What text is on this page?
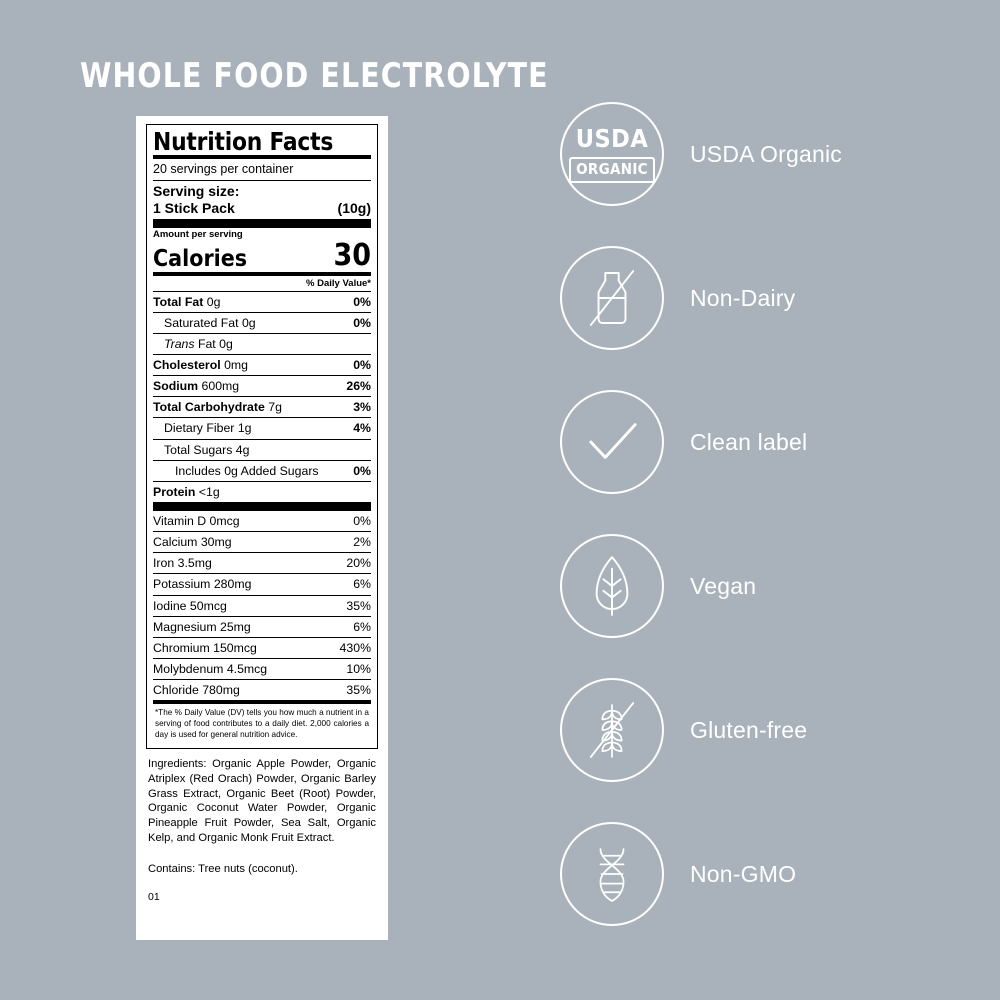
WHOLE FOOD ELECTROLYTE
Nutrition Facts
20 servings per container
Serving size:
1 Stick Pack	(10g)
Amount per serving
Calories	30
% Daily Value*
Total Fat 0g	0%
Saturated Fat 0g	0%
Trans Fat 0g
Cholesterol 0mg	0%
Sodium 600mg	26%
Total Carbohydrate 7g	3%
Dietary Fiber 1g	4%
Total Sugars 4g
Includes 0g Added Sugars	0%
Protein <1g
Vitamin D 0mcg	0%
Calcium 30mg	2%
Iron 3.5mg	20%
Potassium 280mg	6%
Iodine 50mcg	35%
Magnesium 25mg	6%
Chromium 150mcg	430%
Molybdenum 4.5mcg	10%
Chloride 780mg	35%
*The % Daily Value (DV) tells you how much a nutrient in a serving of food contributes to a daily diet. 2,000 calories a day is used for general nutrition advice.
Ingredients: Organic Apple Powder, Organic Atriplex (Red Orach) Powder, Organic Barley Grass Extract, Organic Beet (Root) Powder, Organic Coconut Water Powder, Organic Pineapple Fruit Powder, Sea Salt, Organic Kelp, and Organic Monk Fruit Extract.
Contains: Tree nuts (coconut).
01
USDA
ORGANIC
USDA Organic
Non-Dairy
Clean label
Vegan
Gluten-free
Non-GMO
